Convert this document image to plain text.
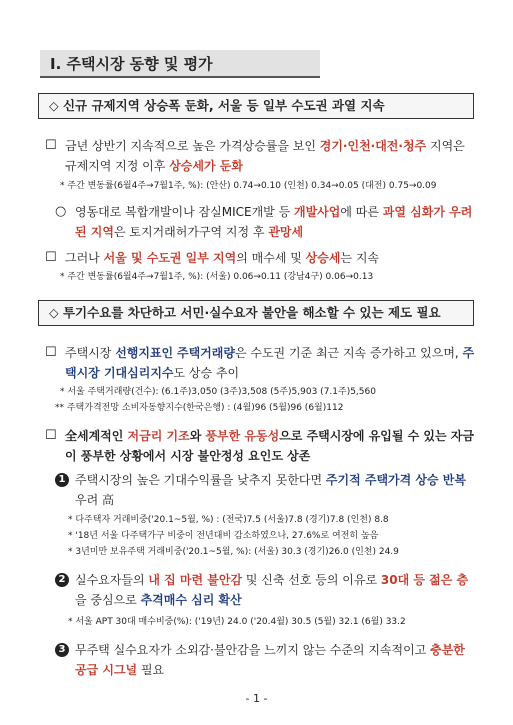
Ⅰ. 주택시장 동향 및 평가
◇ 신규 규제지역 상승폭 둔화, 서울 등 일부 수도권 과열 지속
☐ 금년 상반기 지속적으로 높은 가격상승률을 보인 경기·인천·대전·청주 지역은 규제지역 지정 이후 상승세가 둔화
* 주간 변동률(6월4주→7월1주, %): (안산) 0.74→0.10 (인천) 0.34→0.05 (대전) 0.75→0.09
○ 영동대로 복합개발이나 잠실MICE개발 등 개발사업에 따른 과열 심화가 우려된 지역은 토지거래허가구역 지정 후 관망세
☐ 그러나 서울 및 수도권 일부 지역의 매수세 및 상승세는 지속
* 주간 변동률(6월4주→7월1주, %): (서울) 0.06→0.11 (강남4구) 0.06→0.13
◇ 투기수요를 차단하고 서민·실수요자 불안을 해소할 수 있는 제도 필요
☐ 주택시장 선행지표인 주택거래량은 수도권 기준 최근 지속 증가하고 있으며, 주택시장 기대심리지수도 상승 추이
* 서울 주택거래량(건수): (6.1주)3,050 (3주)3,508 (5주)5,903 (7.1주)5,560
** 주택가격전망 소비자동향지수(한국은행) : (4월)96 (5월)96 (6월)112
☐ 全세계적인 저금리 기조와 풍부한 유동성으로 주택시장에 유입될 수 있는 자금이 풍부한 상황에서 시장 불안정성 요인도 상존
1 주택시장의 높은 기대수익률을 낮추지 못한다면 주기적 주택가격 상승 반복 우려 高
* 다주택자 거래비중('20.1~5월, %) : (전국)7.5 (서울)7.8 (경기)7.8 (인천) 8.8
* '18년 서울 다주택가구 비중이 전년대비 감소하였으나, 27.6%로 여전히 높음
* 3년미만 보유주택 거래비중('20.1~5월, %): (서울) 30.3 (경기)26.0 (인천) 24.9
2 실수요자들의 내 집 마련 불안감 및 신축 선호 등의 이유로 30대 등 젊은 층을 중심으로 추격매수 심리 확산
* 서울 APT 30대 매수비중(%): ('19년) 24.0 ('20.4월) 30.5 (5월) 32.1 (6월) 33.2
3 무주택 실수요자가 소외감·불안감을 느끼지 않는 수준의 지속적이고 충분한 공급 시그널 필요
- 1 -
